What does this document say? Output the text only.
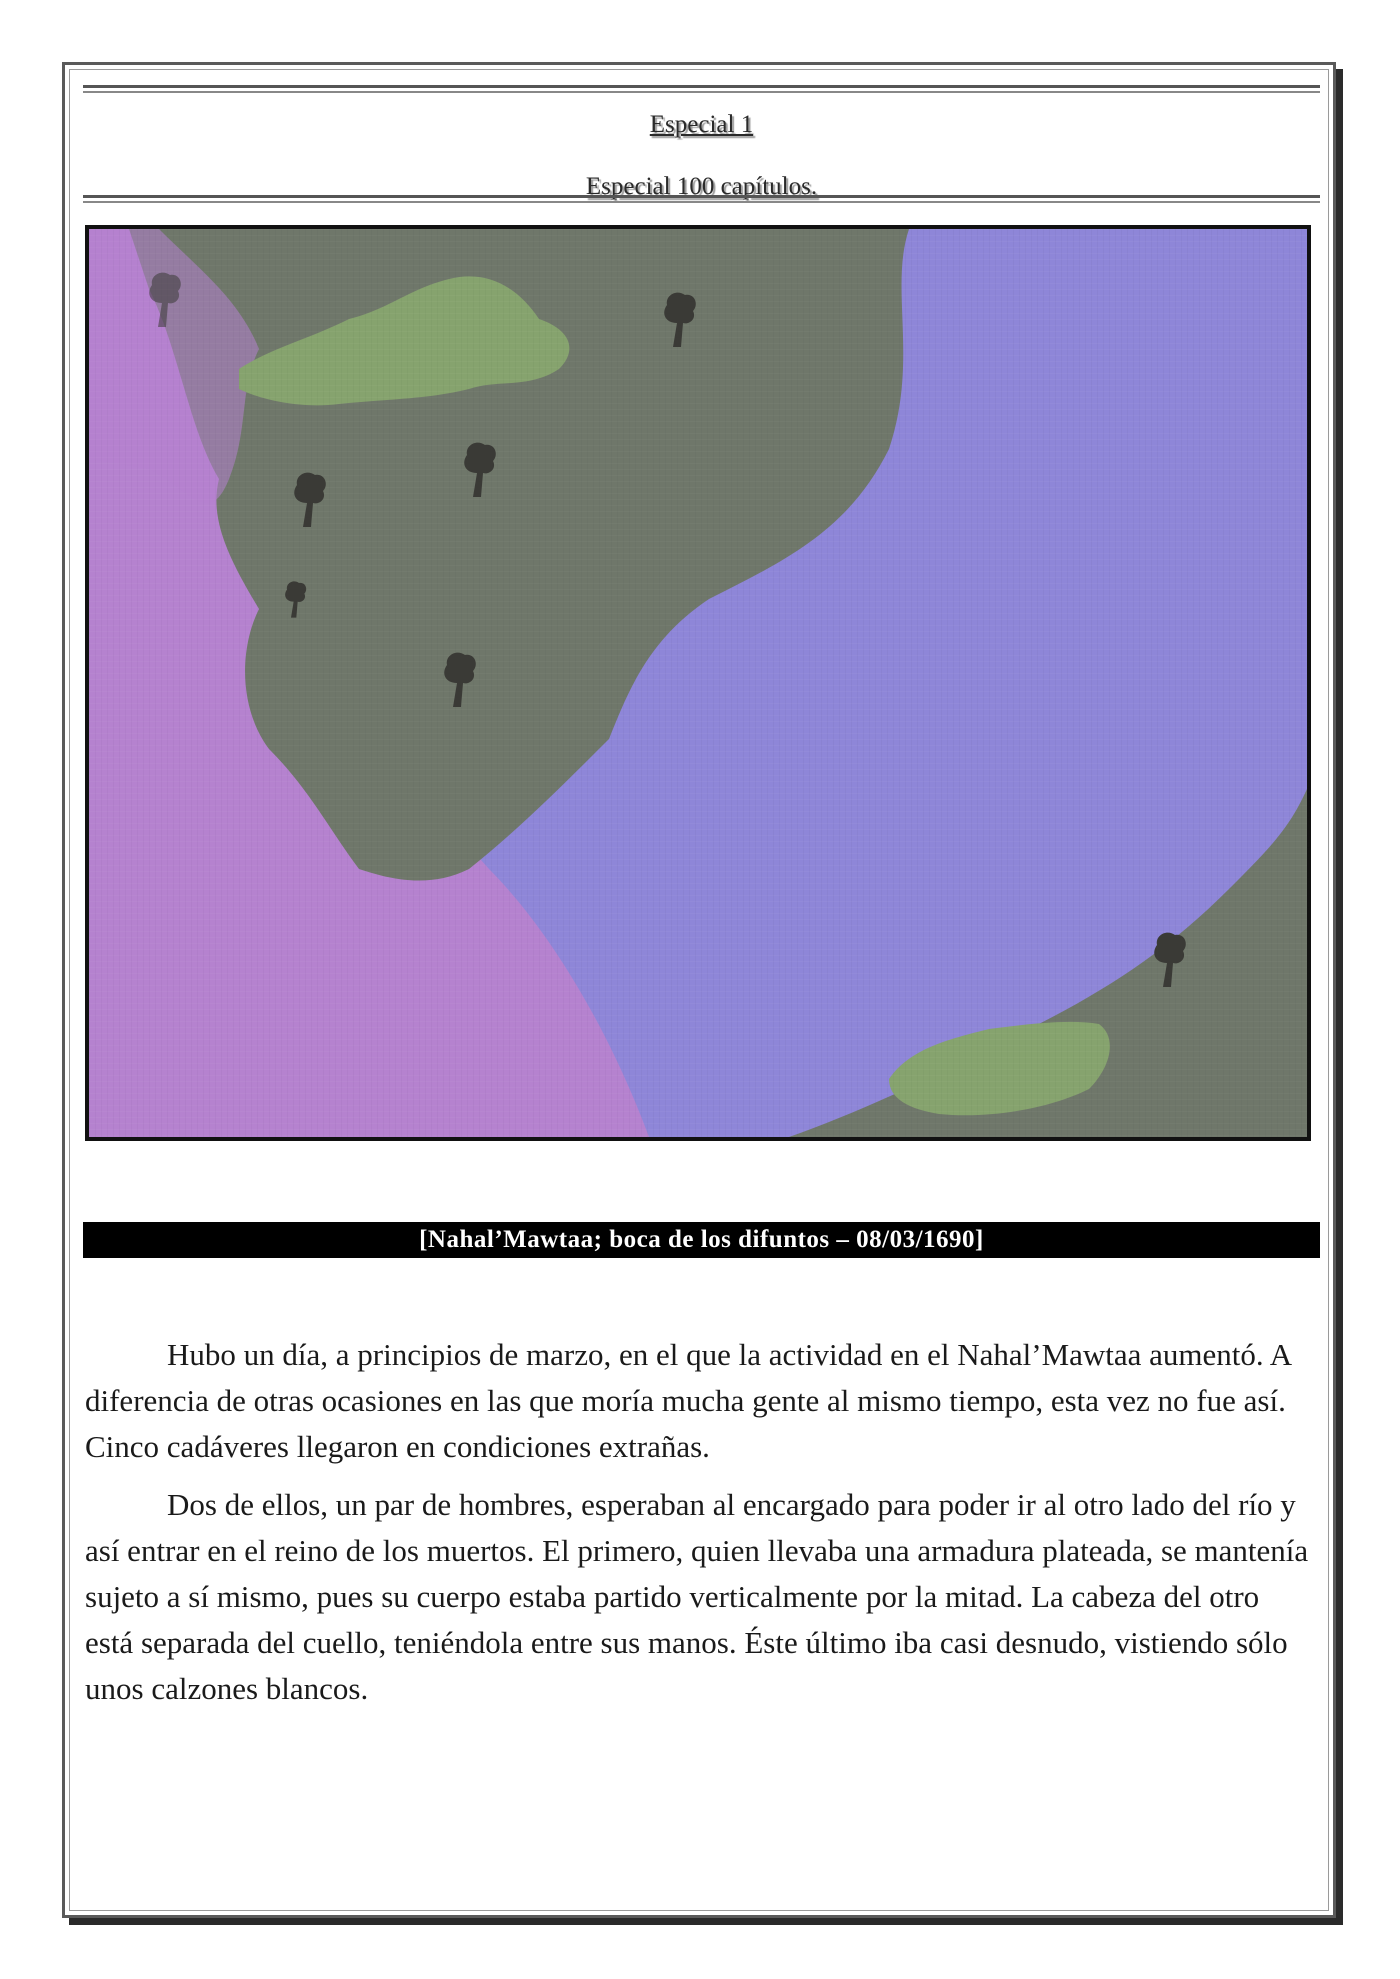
Especial 1
Especial 100 capítulos.
[Nahal’Mawtaa; boca de los difuntos – 08/03/1690]

Hubo un día, a principios de marzo, en el que la actividad en el Nahal’Mawtaa aumentó. A diferencia de otras ocasiones en las que moría mucha gente al mismo tiempo, esta vez no fue así. Cinco cadáveres llegaron en condiciones extrañas.

Dos de ellos, un par de hombres, esperaban al encargado para poder ir al otro lado del río y así entrar en el reino de los muertos. El primero, quien llevaba una armadura plateada, se mantenía sujeto a sí mismo, pues su cuerpo estaba partido verticalmente por la mitad. La cabeza del otro está separada del cuello, teniéndola entre sus manos. Éste último iba casi desnudo, vistiendo sólo unos calzones blancos.
